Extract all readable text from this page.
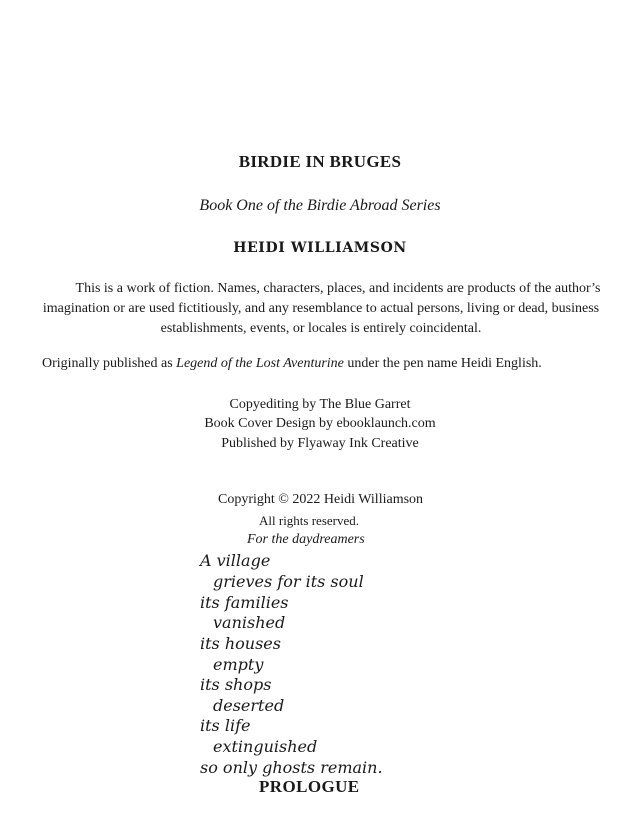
BIRDIE IN BRUGES
Book One of the Birdie Abroad Series
HEIDI WILLIAMSON
This is a work of fiction. Names, characters, places, and incidents are products of the author’s imagination or are used fictitiously, and any resemblance to actual persons, living or dead, business establishments, events, or locales is entirely coincidental.
Originally published as Legend of the Lost Aventurine under the pen name Heidi English.
Copyediting by The Blue Garret
Book Cover Design by ebooklaunch.com
Published by Flyaway Ink Creative
Copyright © 2022 Heidi Williamson
All rights reserved.
For the daydreamers
A village
grieves for its soul
its families
vanished
its houses
empty
its shops
deserted
its life
extinguished
so only ghosts remain.
PROLOGUE
